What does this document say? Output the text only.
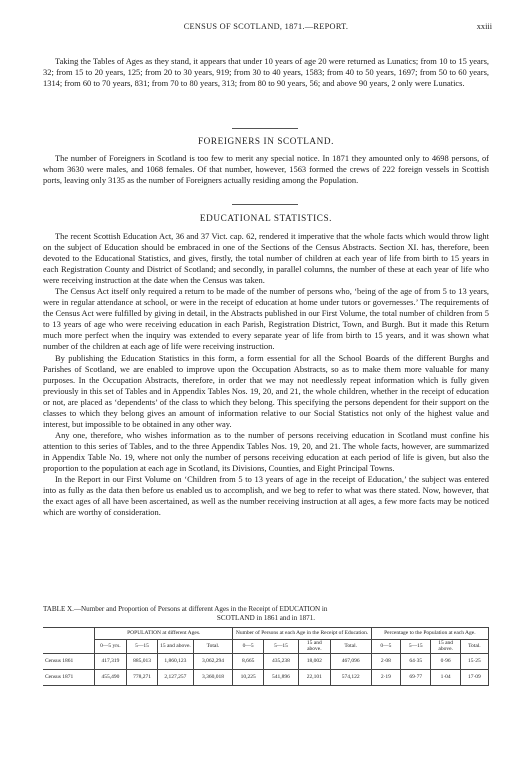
CENSUS OF SCOTLAND, 1871.—REPORT.	xxiii

Taking the Tables of Ages as they stand, it appears that under 10 years of age 20 were returned as Lunatics; from 10 to 15 years, 32; from 15 to 20 years, 125; from 20 to 30 years, 919; from 30 to 40 years, 1583; from 40 to 50 years, 1697; from 50 to 60 years, 1314; from 60 to 70 years, 831; from 70 to 80 years, 313; from 80 to 90 years, 56; and above 90 years, 2 only were Lunatics.

FOREIGNERS IN SCOTLAND.

The number of Foreigners in Scotland is too few to merit any special notice. In 1871 they amounted only to 4698 persons, of whom 3630 were males, and 1068 females. Of that number, however, 1563 formed the crews of 222 foreign vessels in Scottish ports, leaving only 3135 as the number of Foreigners actually residing among the Population.

EDUCATIONAL STATISTICS.

The recent Scottish Education Act, 36 and 37 Vict. cap. 62, rendered it imperative that the whole facts which would throw light on the subject of Education should be embraced in one of the Sections of the Census Abstracts. Section XI. has, therefore, been devoted to the Educational Statistics, and gives, firstly, the total number of children at each year of life from birth to 15 years in each Registration County and District of Scotland; and secondly, in parallel columns, the number of these at each year of life who were receiving instruction at the date when the Census was taken.

The Census Act itself only required a return to be made of the number of persons who, ‘being of the age of from 5 to 13 years, were in regular attendance at school, or were in the receipt of education at home under tutors or governesses.’ The requirements of the Census Act were fulfilled by giving in detail, in the Abstracts published in our First Volume, the total number of children from 5 to 13 years of age who were receiving education in each Parish, Registration District, Town, and Burgh. But it made this Return much more perfect when the inquiry was extended to every separate year of life from birth to 15 years, and it was shown what number of the children at each age of life were receiving instruction.

By publishing the Education Statistics in this form, a form essential for all the School Boards of the different Burghs and Parishes of Scotland, we are enabled to improve upon the Occupation Abstracts, so as to make them more valuable for many purposes. In the Occupation Abstracts, therefore, in order that we may not needlessly repeat information which is fully given previously in this set of Tables and in Appendix Tables Nos. 19, 20, and 21, the whole children, whether in the receipt of education or not, are placed as ‘dependents’ of the class to which they belong. This specifying the persons dependent for their support on the classes to which they belong gives an amount of information relative to our Social Statistics not only of the highest value and interest, but impossible to be obtained in any other way.

Any one, therefore, who wishes information as to the number of persons receiving education in Scotland must confine his attention to this series of Tables, and to the three Appendix Tables Nos. 19, 20, and 21. The whole facts, however, are summarized in Appendix Table No. 19, where not only the number of persons receiving education at each period of life is given, but also the proportion to the population at each age in Scotland, its Divisions, Counties, and Eight Principal Towns.

In the Report in our First Volume on ‘Children from 5 to 13 years of age in the receipt of Education,’ the subject was entered into as fully as the data then before us enabled us to accomplish, and we beg to refer to what was there stated. Now, however, that the exact ages of all have been ascertained, as well as the number receiving instruction at all ages, a few more facts may be noticed which are worthy of consideration.

TABLE X.—Number and Proportion of Persons at different Ages in the Receipt of EDUCATION in
SCOTLAND in 1861 and in 1871.
	POPULATION at different Ages.				Number of Persons at each Age in the Receipt of Education.				Percentage to the Population at each Age.			
	0—5 yrs.	5—15	15 and above.	Total.	0—5	5—15	15 and above.	Total.	0—5	5—15	15 and above.	Total.
Census 1861	417,319	885,013	1,860,123	3,062,294	8,665	435,238	18,002	467,096	2·08	64·35	0·96	15·25
Census 1871	455,490	778,271	2,127,257	3,360,018	10,225	541,896	22,101	574,122	2·19	69·77	1·04	17·09
